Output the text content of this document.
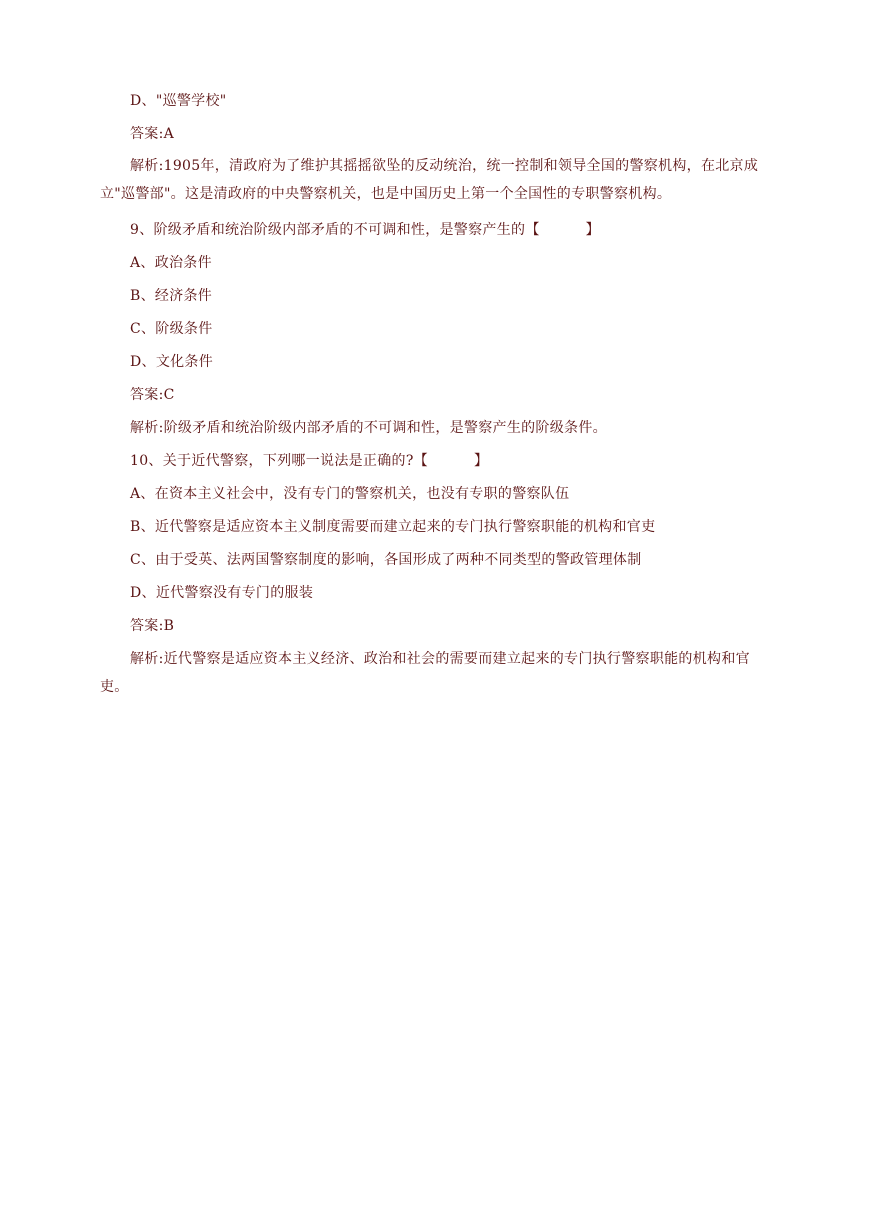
D、"巡警学校"
答案:A
解析:1905年，清政府为了维护其摇摇欲坠的反动统治，统一控制和领导全国的警察机构，在北京成立"巡警部"。这是清政府的中央警察机关，也是中国历史上第一个全国性的专职警察机构。
9、阶级矛盾和统治阶级内部矛盾的不可调和性，是警察产生的【	】
A、政治条件
B、经济条件
C、阶级条件
D、文化条件
答案:C
解析:阶级矛盾和统治阶级内部矛盾的不可调和性，是警察产生的阶级条件。
10、关于近代警察，下列哪一说法是正确的?【	】
A、在资本主义社会中，没有专门的警察机关，也没有专职的警察队伍
B、近代警察是适应资本主义制度需要而建立起来的专门执行警察职能的机构和官吏
C、由于受英、法两国警察制度的影响，各国形成了两种不同类型的警政管理体制
D、近代警察没有专门的服装
答案:B
解析:近代警察是适应资本主义经济、政治和社会的需要而建立起来的专门执行警察职能的机构和官吏。
